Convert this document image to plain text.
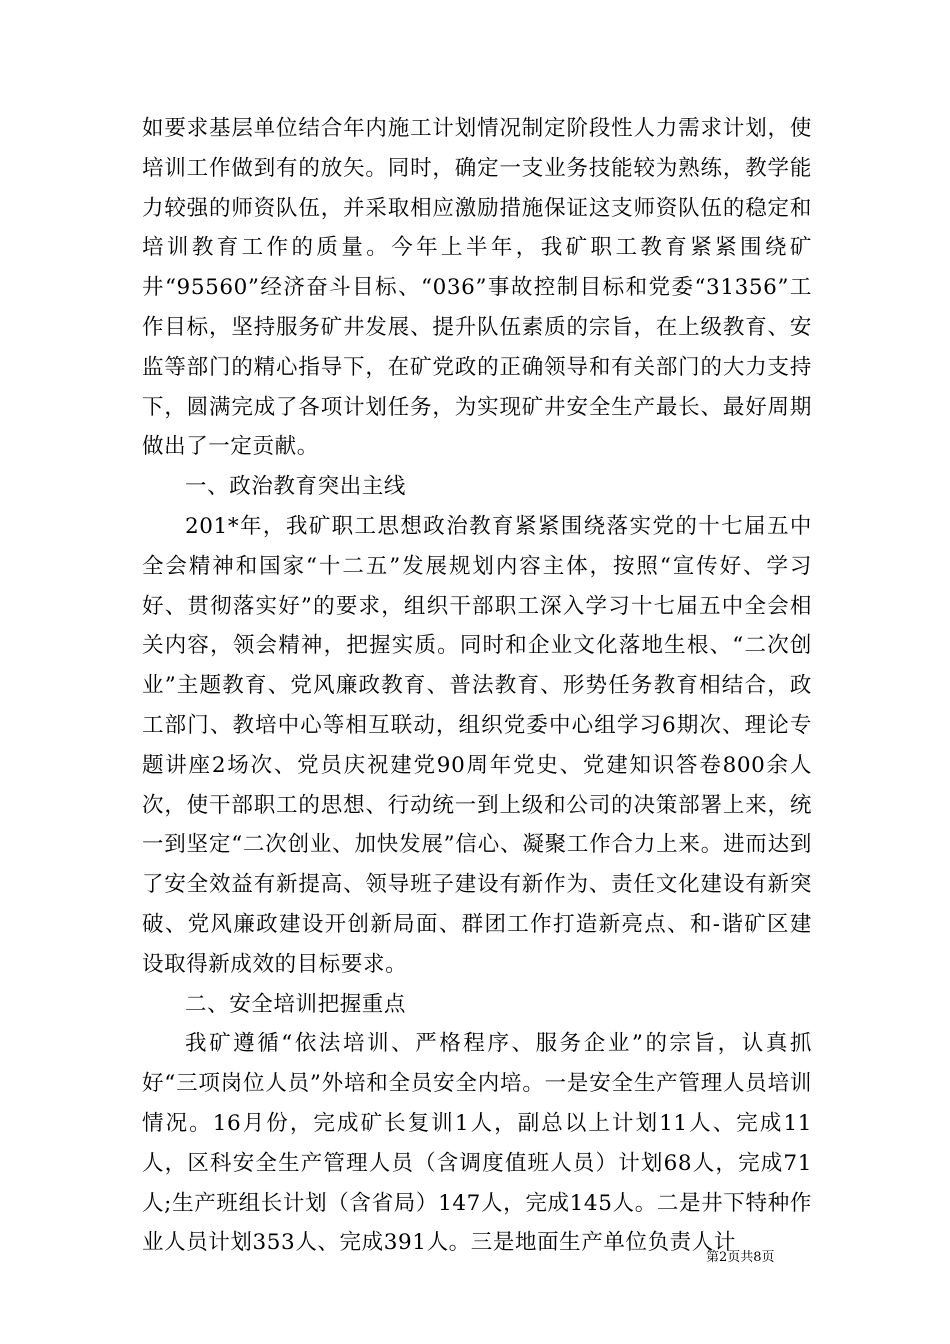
如要求基层单位结合年内施工计划情况制定阶段性人力需求计划，使培训工作做到有的放矢。同时，确定一支业务技能较为熟练，教学能力较强的师资队伍，并采取相应激励措施保证这支师资队伍的稳定和培训教育工作的质量。今年上半年，我矿职工教育紧紧围绕矿井“95560”经济奋斗目标、“036”事故控制目标和党委“31356”工作目标，坚持服务矿井发展、提升队伍素质的宗旨，在上级教育、安监等部门的精心指导下，在矿党政的正确领导和有关部门的大力支持下，圆满完成了各项计划任务，为实现矿井安全生产最长、最好周期做出了一定贡献。

一、政治教育突出主线

201*年，我矿职工思想政治教育紧紧围绕落实党的十七届五中全会精神和国家“十二五”发展规划内容主体，按照“宣传好、学习好、贯彻落实好”的要求，组织干部职工深入学习十七届五中全会相关内容，领会精神，把握实质。同时和企业文化落地生根、“二次创业”主题教育、党风廉政教育、普法教育、形势任务教育相结合，政工部门、教培中心等相互联动，组织党委中心组学习6期次、理论专题讲座2场次、党员庆祝建党90周年党史、党建知识答卷800余人次，使干部职工的思想、行动统一到上级和公司的决策部署上来，统一到坚定“二次创业、加快发展”信心、凝聚工作合力上来。进而达到了安全效益有新提高、领导班子建设有新作为、责任文化建设有新突破、党风廉政建设开创新局面、群团工作打造新亮点、和-谐矿区建设取得新成效的目标要求。

二、安全培训把握重点

我矿遵循“依法培训、严格程序、服务企业”的宗旨，认真抓好“三项岗位人员”外培和全员安全内培。一是安全生产管理人员培训情况。16月份，完成矿长复训1人，副总以上计划11人、完成11人，区科安全生产管理人员（含调度值班人员）计划68人，完成71人;生产班组长计划（含省局）147人，完成145人。二是井下特种作业人员计划353人、完成391人。三是地面生产单位负责人计

第2页共8页
